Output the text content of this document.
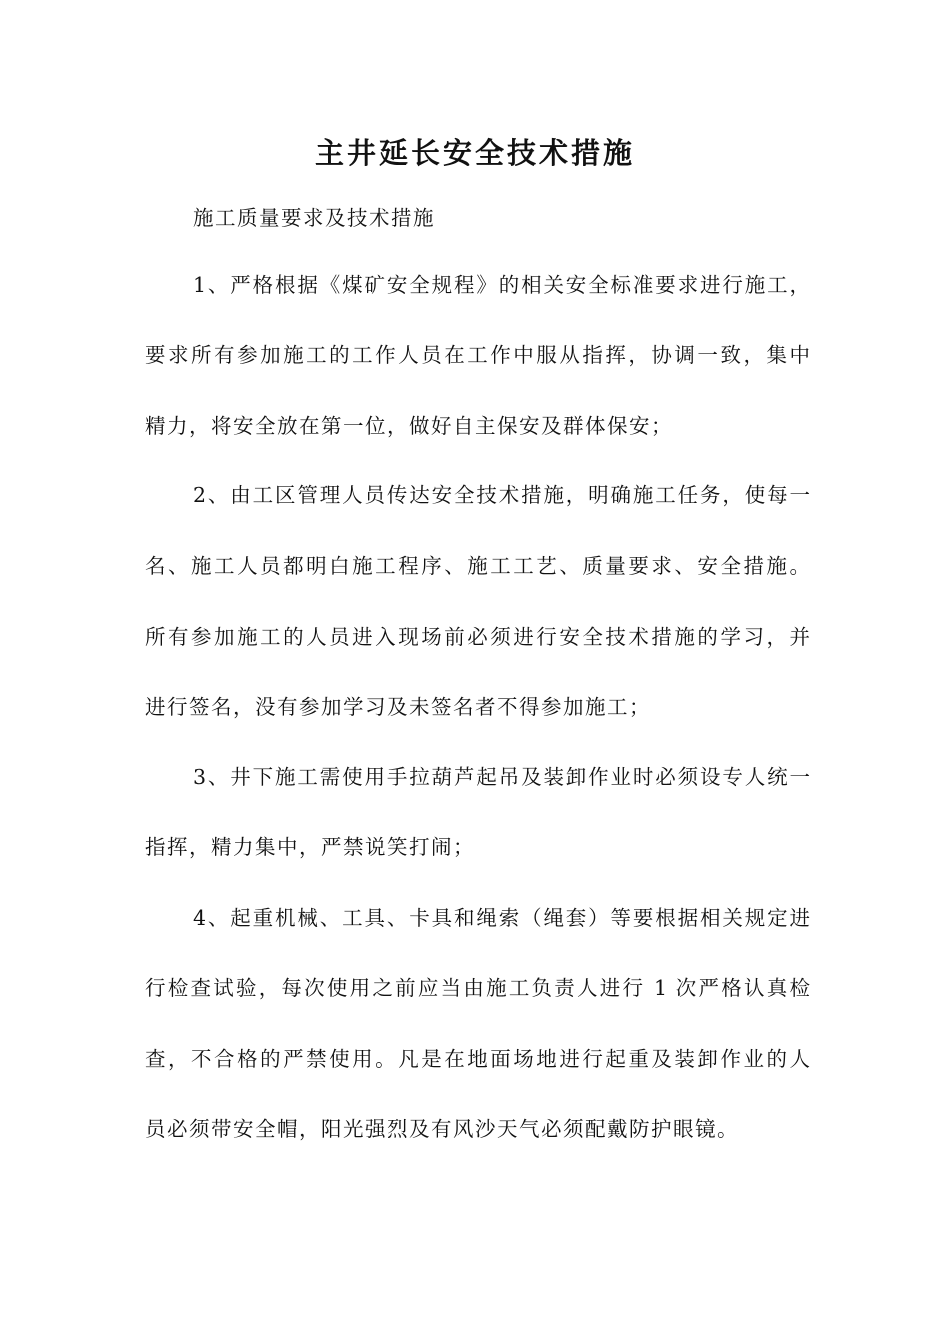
主井延长安全技术措施

施工质量要求及技术措施

1、严格根据《煤矿安全规程》的相关安全标准要求进行施工，

要求所有参加施工的工作人员在工作中服从指挥，协调一致，集中

精力，将安全放在第一位，做好自主保安及群体保安；

2、由工区管理人员传达安全技术措施，明确施工任务，使每一

名、施工人员都明白施工程序、施工工艺、质量要求、安全措施。

所有参加施工的人员进入现场前必须进行安全技术措施的学习，并

进行签名，没有参加学习及未签名者不得参加施工；

3、井下施工需使用手拉葫芦起吊及装卸作业时必须设专人统一

指挥，精力集中，严禁说笑打闹；

4、起重机械、工具、卡具和绳索（绳套）等要根据相关规定进

行检查试验，每次使用之前应当由施工负责人进行 1 次严格认真检

查，不合格的严禁使用。凡是在地面场地进行起重及装卸作业的人

员必须带安全帽，阳光强烈及有风沙天气必须配戴防护眼镜。
